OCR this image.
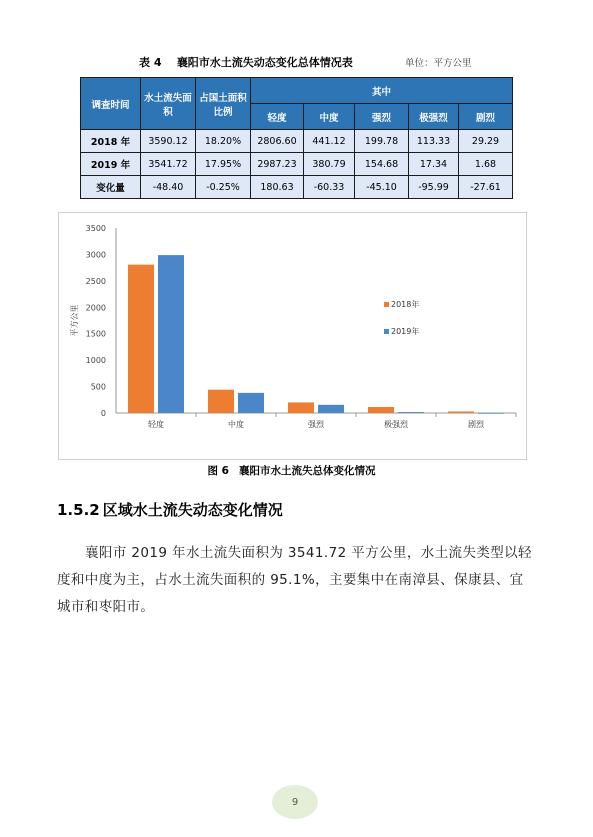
表 4 襄阳市水土流失动态变化总体情况表	单位：平方公里
调查时间	水土流失面积	占国土面积比例	其中				
			轻度	中度	强烈	极强烈	剧烈
2018 年	3590.12	18.20%	2806.60	441.12	199.78	113.33	29.29
2019 年	3541.72	17.95%	2987.23	380.79	154.68	17.34	1.68
变化量	-48.40	-0.25%	180.63	-60.33	-45.10	-95.99	-27.61
0
500
1000
1500
2000
2500
3000
3500
平方公里
轻度	中度	强烈	极强烈	剧烈
2018年
2019年
图 6 襄阳市水土流失总体变化情况
1.5.2 区域水土流失动态变化情况
襄阳市 2019 年水土流失面积为 3541.72 平方公里，水土流失类型以轻度和中度为主，占水土流失面积的 95.1%，主要集中在南漳县、保康县、宜城市和枣阳市。
9
